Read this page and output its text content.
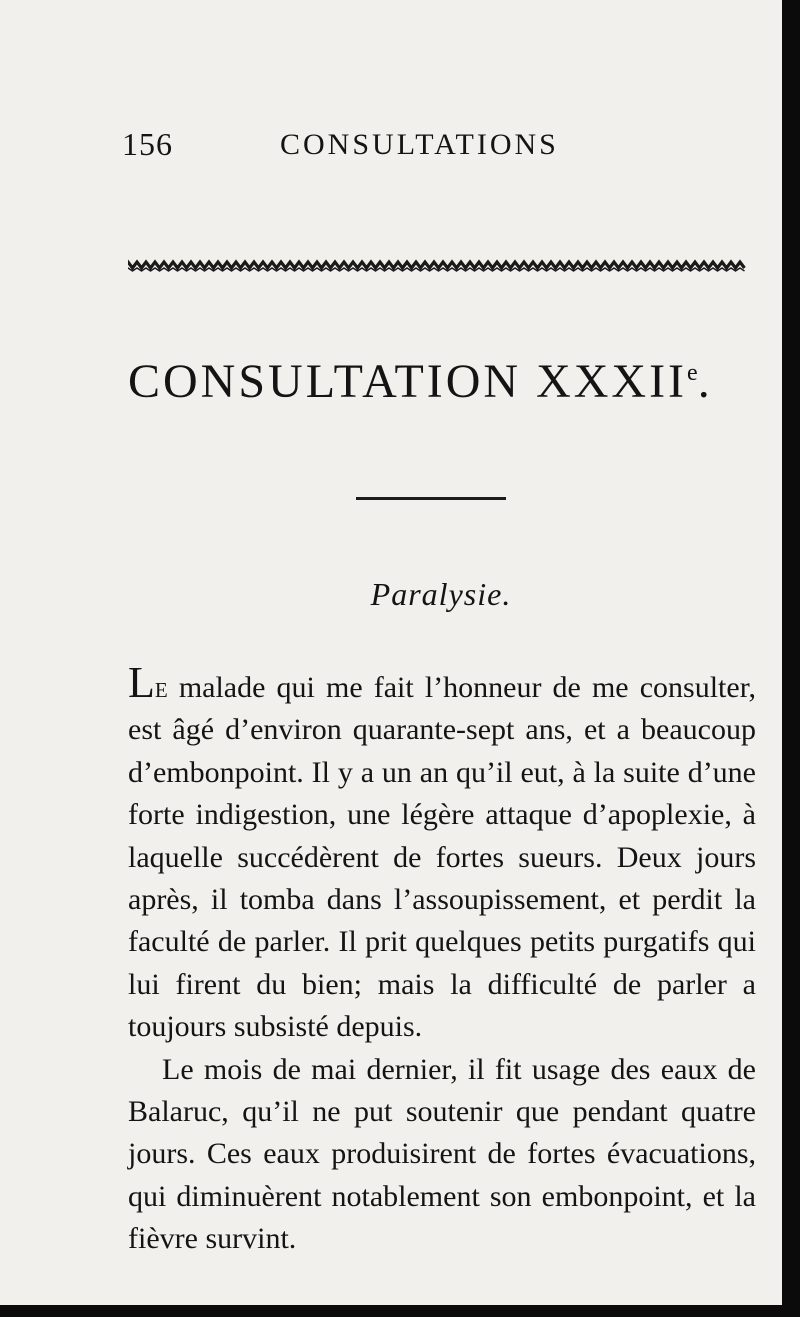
156	CONSULTATIONS
CONSULTATION XXXIIe.
Paralysie.

Le malade qui me fait l’honneur de me consulter, est âgé d’environ quarante-sept ans, et a beaucoup d’embonpoint. Il y a un an qu’il eut, à la suite d’une forte indigestion, une légère attaque d’apoplexie, à laquelle succédèrent de fortes sueurs. Deux jours après, il tomba dans l’assoupissement, et perdit la faculté de parler. Il prit quelques petits purgatifs qui lui firent du bien; mais la difficulté de parler a toujours subsisté depuis.

Le mois de mai dernier, il fit usage des eaux de Balaruc, qu’il ne put soutenir que pendant quatre jours. Ces eaux produisirent de fortes évacuations, qui diminuèrent notablement son embonpoint, et la fièvre survint.
